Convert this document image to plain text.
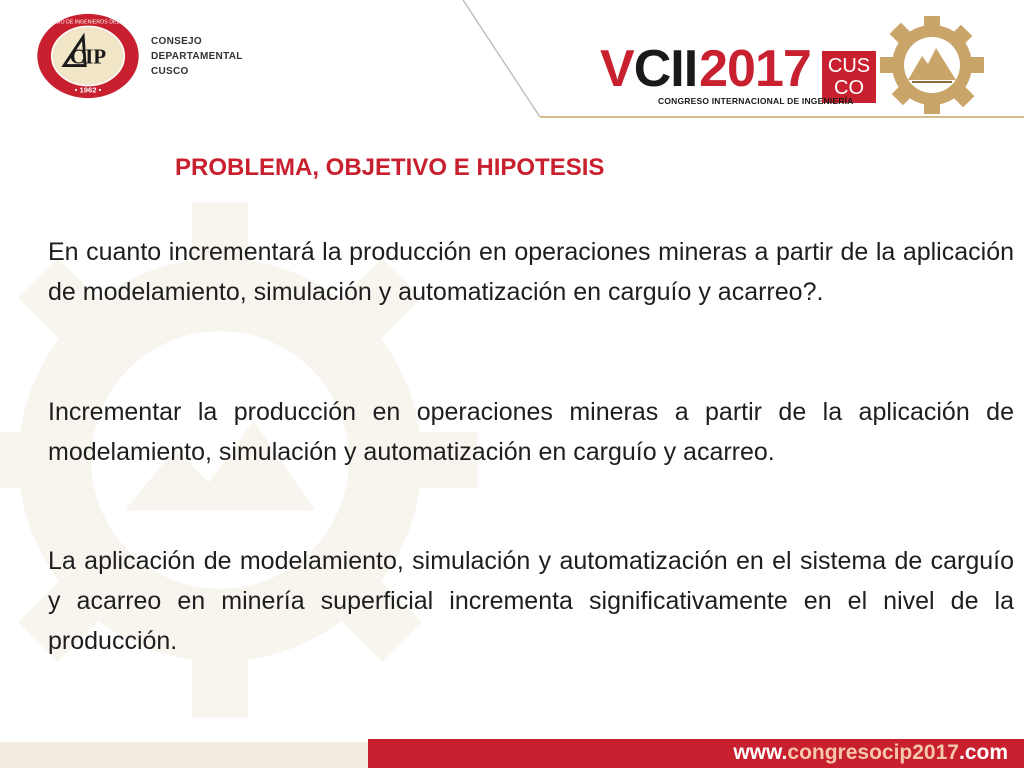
CIP
• 1962 •
COLEGIO DE INGENIEROS DEL PERÚ
CONSEJO
DEPARTAMENTAL
CUSCO	VCII2017 CUS
CO
CONGRESO INTERNACIONAL DE INGENIERÍA
PROBLEMA, OBJETIVO E HIPOTESIS
En cuanto incrementará la producción en operaciones mineras a partir de la aplicación de modelamiento, simulación y automatización en carguío y acarreo?.
Incrementar la producción en operaciones mineras a partir de la aplicación de modelamiento, simulación y automatización en carguío y acarreo.
La aplicación de modelamiento, simulación y automatización en el sistema de carguío y acarreo en minería superficial incrementa significativamente en el nivel de la producción.
www.congresocip2017.com
